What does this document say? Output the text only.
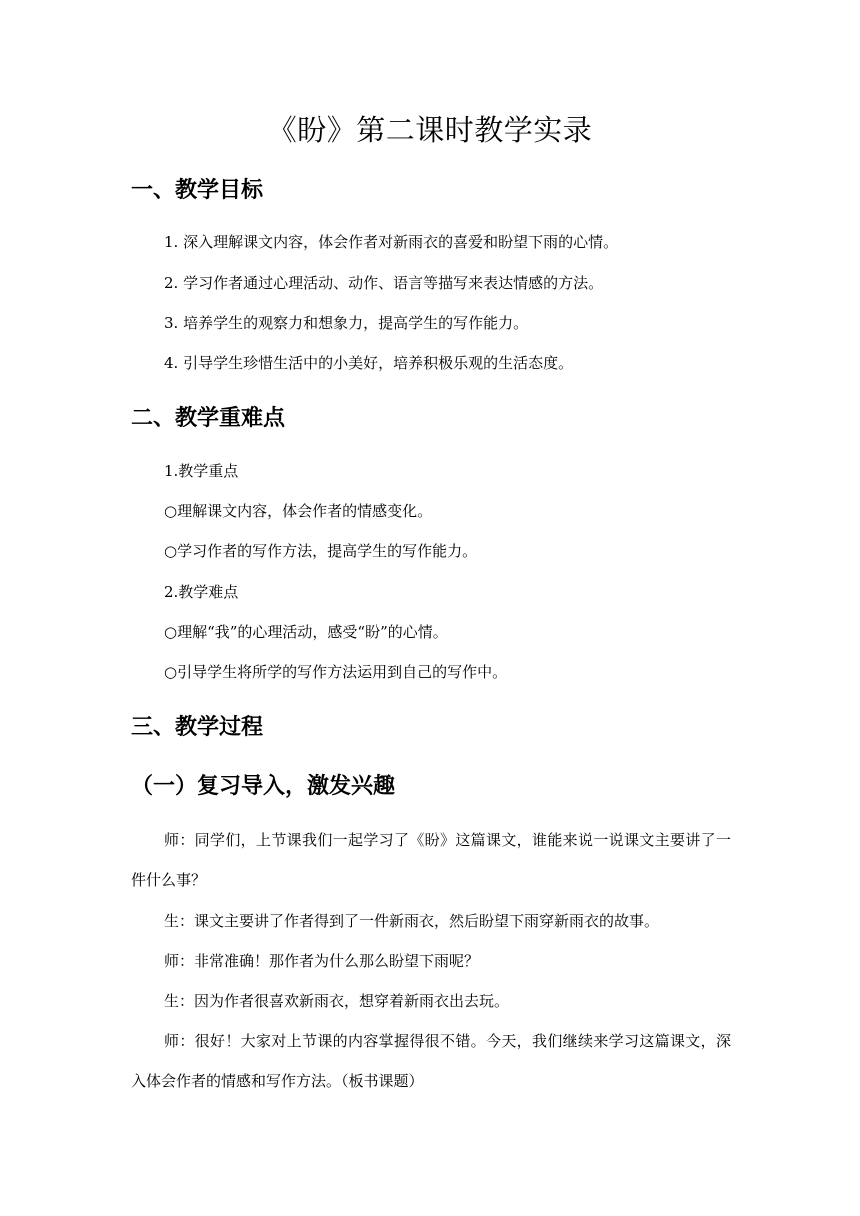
《盼》第二课时教学实录
一、教学目标

1. 深入理解课文内容，体会作者对新雨衣的喜爱和盼望下雨的心情。

2. 学习作者通过心理活动、动作、语言等描写来表达情感的方法。

3. 培养学生的观察力和想象力，提高学生的写作能力。

4. 引导学生珍惜生活中的小美好，培养积极乐观的生活态度。

二、教学重难点

1.教学重点

○理解课文内容，体会作者的情感变化。

○学习作者的写作方法，提高学生的写作能力。

2.教学难点

○理解“我”的心理活动，感受“盼”的心情。

○引导学生将所学的写作方法运用到自己的写作中。

三、教学过程
（一）复习导入，激发兴趣

师：同学们，上节课我们一起学习了《盼》这篇课文，谁能来说一说课文主要讲了一件什么事？

生：课文主要讲了作者得到了一件新雨衣，然后盼望下雨穿新雨衣的故事。

师：非常准确！那作者为什么那么盼望下雨呢？

生：因为作者很喜欢新雨衣，想穿着新雨衣出去玩。

师：很好！大家对上节课的内容掌握得很不错。今天，我们继续来学习这篇课文，深入体会作者的情感和写作方法。（板书课题）
